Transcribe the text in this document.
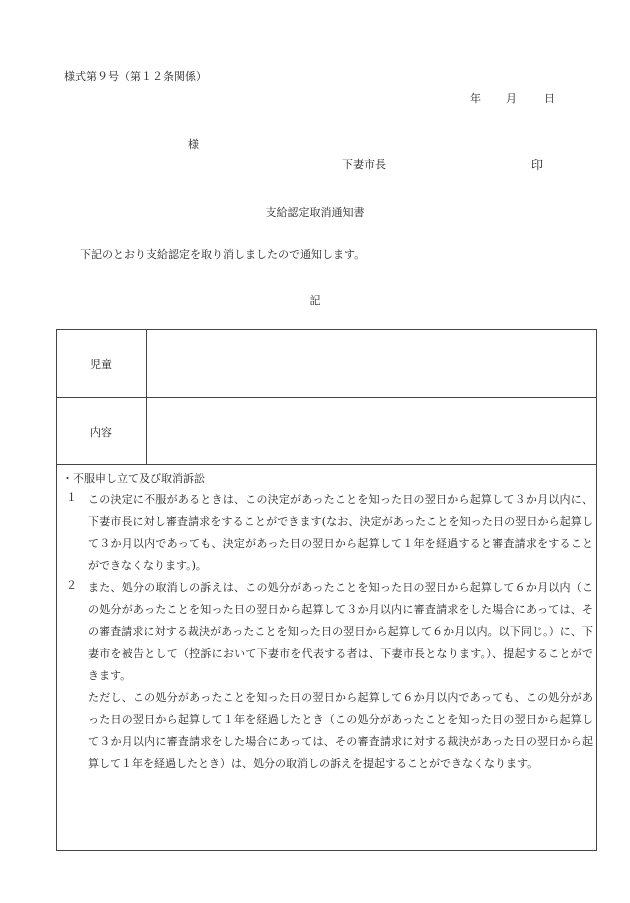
様式第９号（第１２条関係）
年 月 日
様
下妻市長	印
支給認定取消通知書
下記のとおり支給認定を取り消しましたので通知します。
記
児童
内容
・不服申し立て及び取消訴訟
１ この決定に不服があるときは、この決定があったことを知った日の翌日から起算して３か月以内に、下妻市長に対し審査請求をすることができます(なお、決定があったことを知った日の翌日から起算して３か月以内であっても、決定があった日の翌日から起算して１年を経過すると審査請求をすることができなくなります。)。
２ また、処分の取消しの訴えは、この処分があったことを知った日の翌日から起算して６か月以内（この処分があったことを知った日の翌日から起算して３か月以内に審査請求をした場合にあっては、その審査請求に対する裁決があったことを知った日の翌日から起算して６か月以内。以下同じ。）に、下妻市を被告として（控訴において下妻市を代表する者は、下妻市長となります。）、提起することができます。
ただし、この処分があったことを知った日の翌日から起算して６か月以内であっても、この処分があった日の翌日から起算して１年を経過したとき（この処分があったことを知った日の翌日から起算して３か月以内に審査請求をした場合にあっては、その審査請求に対する裁決があった日の翌日から起算して１年を経過したとき）は、処分の取消しの訴えを提起することができなくなります。
